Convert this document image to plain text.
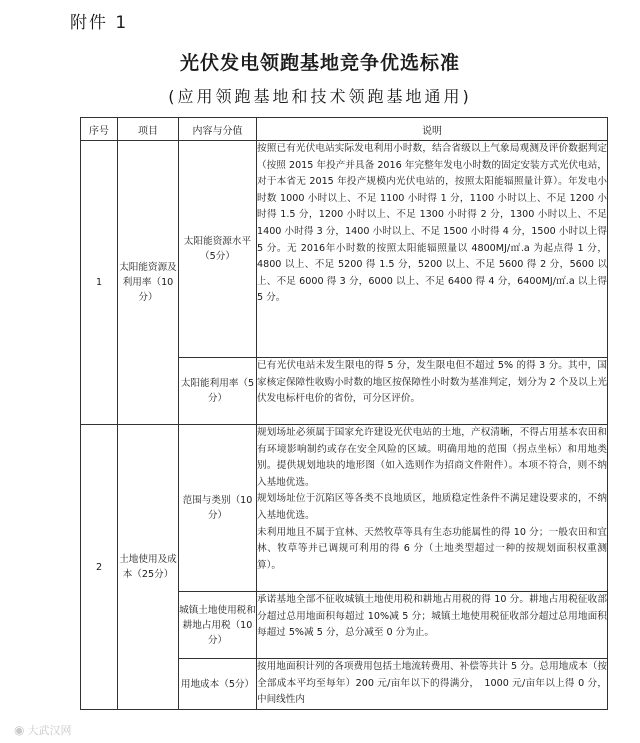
附件 1
光伏发电领跑基地竞争优选标准
(应用领跑基地和技术领跑基地通用)
序号	项目	内容与分值	说明
1	太阳能资源及利用率（10分）	太阳能资源水平（5分）	按照已有光伏电站实际发电利用小时数，结合省级以上气象局观测及评价数据判定（按照 2015 年投产并具备 2016 年完整年发电小时数的固定安装方式光伏电站，对于本省无 2015 年投产规模内光伏电站的，按照太阳能辐照量计算）。年发电小时数 1000 小时以上、不足 1100 小时得 1 分，1100 小时以上、不足 1200 小时得 1.5 分，1200 小时以上、不足 1300 小时得 2 分，1300 小时以上、不足 1400 小时得 3 分，1400 小时以上、不足 1500 小时得 4 分，1500 小时以上得 5 分。无 2016年小时数的按照太阳能辐照量以 4800MJ/㎡.a 为起点得 1 分，4800 以上、不足 5200 得 1.5 分，5200 以上、不足 5600 得 2 分，5600 以上、不足 6000 得 3 分，6000 以上、不足 6400 得 4 分，6400MJ/㎡.a 以上得 5 分。

		太阳能利用率（5分）	已有光伏电站未发生限电的得 5 分，发生限电但不超过 5% 的得 3 分。其中，国家核定保障性收购小时数的地区按保障性小时数为基准判定，划分为 2 个及以上光伏发电标杆电价的省份，可分区评价。

2	土地使用及成本（25分）	范围与类别（10分）	规划场址必须属于国家允许建设光伏电站的土地，产权清晰，不得占用基本农田和有环境影响制约或存在安全风险的区域。明确用地的范围（拐点坐标）和用地类别。提供规划地块的地形图（如入选则作为招商文件附件）。本项不符合，则不纳入基地优选。

规划场址位于沉陷区等各类不良地质区，地质稳定性条件不满足建设要求的，不纳入基地优选。

未利用地且不属于宜林、天然牧草等具有生态功能属性的得 10 分；一般农田和宜林、牧草等并已调规可利用的得 6 分（土地类型超过一种的按规划面积权重测算）。

		城镇土地使用税和耕地占用税（10分）	承诺基地全部不征收城镇土地使用税和耕地占用税的得 10 分。耕地占用税征收部分超过总用地面积每超过 10%减 5 分；城镇土地使用税征收部分超过总用地面积每超过 5%减 5 分，总分减至 0 分为止。

		用地成本（5分）	按用地面积计列的各项费用包括土地流转费用、补偿等共计 5 分。总用地成本（按全部成本平均至每年）200 元/亩年以下的得满分，　1000 元/亩年以上得 0 分，中间线性内

◉ 大武汉网
